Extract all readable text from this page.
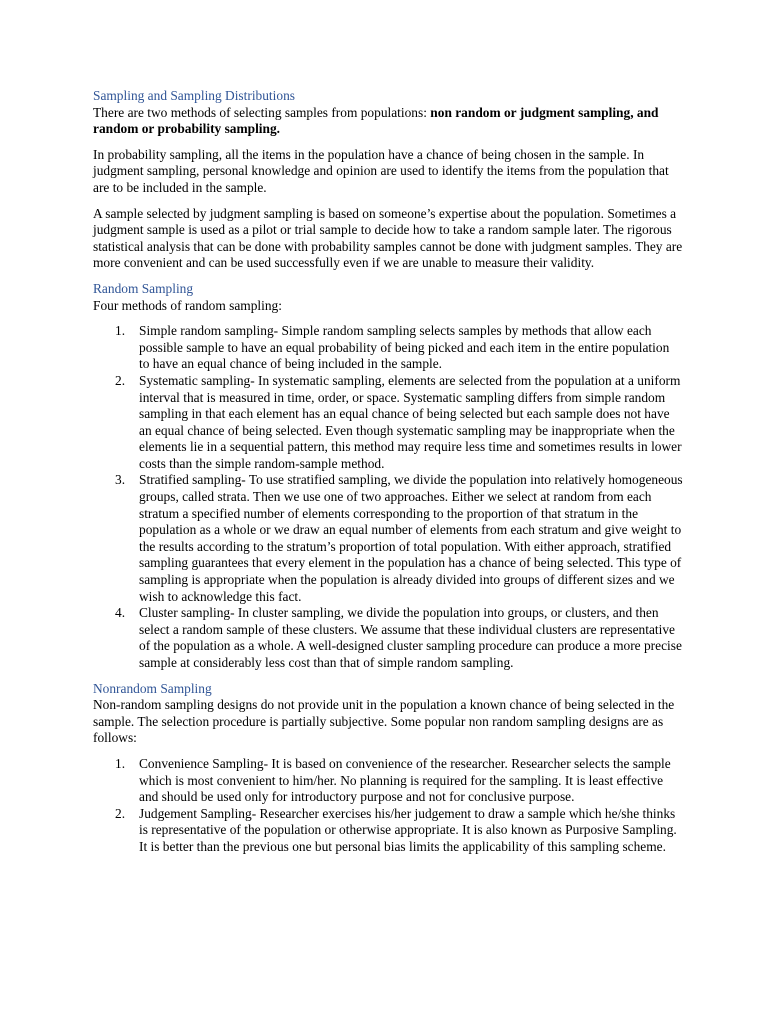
Sampling and Sampling Distributions

There are two methods of selecting samples from populations: non random or judgment sampling, and random or probability sampling.

In probability sampling, all the items in the population have a chance of being chosen in the sample. In judgment sampling, personal knowledge and opinion are used to identify the items from the population that are to be included in the sample.

A sample selected by judgment sampling is based on someone’s expertise about the population. Sometimes a judgment sample is used as a pilot or trial sample to decide how to take a random sample later. The rigorous statistical analysis that can be done with probability samples cannot be done with judgment samples. They are more convenient and can be used successfully even if we are unable to measure their validity.

Random Sampling

Four methods of random sampling:

1. Simple random sampling- Simple random sampling selects samples by methods that allow each possible sample to have an equal probability of being picked and each item in the entire population to have an equal chance of being included in the sample.
2. Systematic sampling- In systematic sampling, elements are selected from the population at a uniform interval that is measured in time, order, or space. Systematic sampling differs from simple random sampling in that each element has an equal chance of being selected but each sample does not have an equal chance of being selected. Even though systematic sampling may be inappropriate when the elements lie in a sequential pattern, this method may require less time and sometimes results in lower costs than the simple random-sample method.
3. Stratified sampling- To use stratified sampling, we divide the population into relatively homogeneous groups, called strata. Then we use one of two approaches. Either we select at random from each stratum a specified number of elements corresponding to the proportion of that stratum in the population as a whole or we draw an equal number of elements from each stratum and give weight to the results according to the stratum’s proportion of total population. With either approach, stratified sampling guarantees that every element in the population has a chance of being selected. This type of sampling is appropriate when the population is already divided into groups of different sizes and we wish to acknowledge this fact.
4. Cluster sampling- In cluster sampling, we divide the population into groups, or clusters, and then select a random sample of these clusters. We assume that these individual clusters are representative of the population as a whole. A well-designed cluster sampling procedure can produce a more precise sample at considerably less cost than that of simple random sampling.
Nonrandom Sampling

Non-random sampling designs do not provide unit in the population a known chance of being selected in the sample. The selection procedure is partially subjective. Some popular non random sampling designs are as follows:

1. Convenience Sampling- It is based on convenience of the researcher. Researcher selects the sample which is most convenient to him/her. No planning is required for the sampling. It is least effective and should be used only for introductory purpose and not for conclusive purpose.
2. Judgement Sampling- Researcher exercises his/her judgement to draw a sample which he/she thinks is representative of the population or otherwise appropriate. It is also known as Purposive Sampling. It is better than the previous one but personal bias limits the applicability of this sampling scheme.
